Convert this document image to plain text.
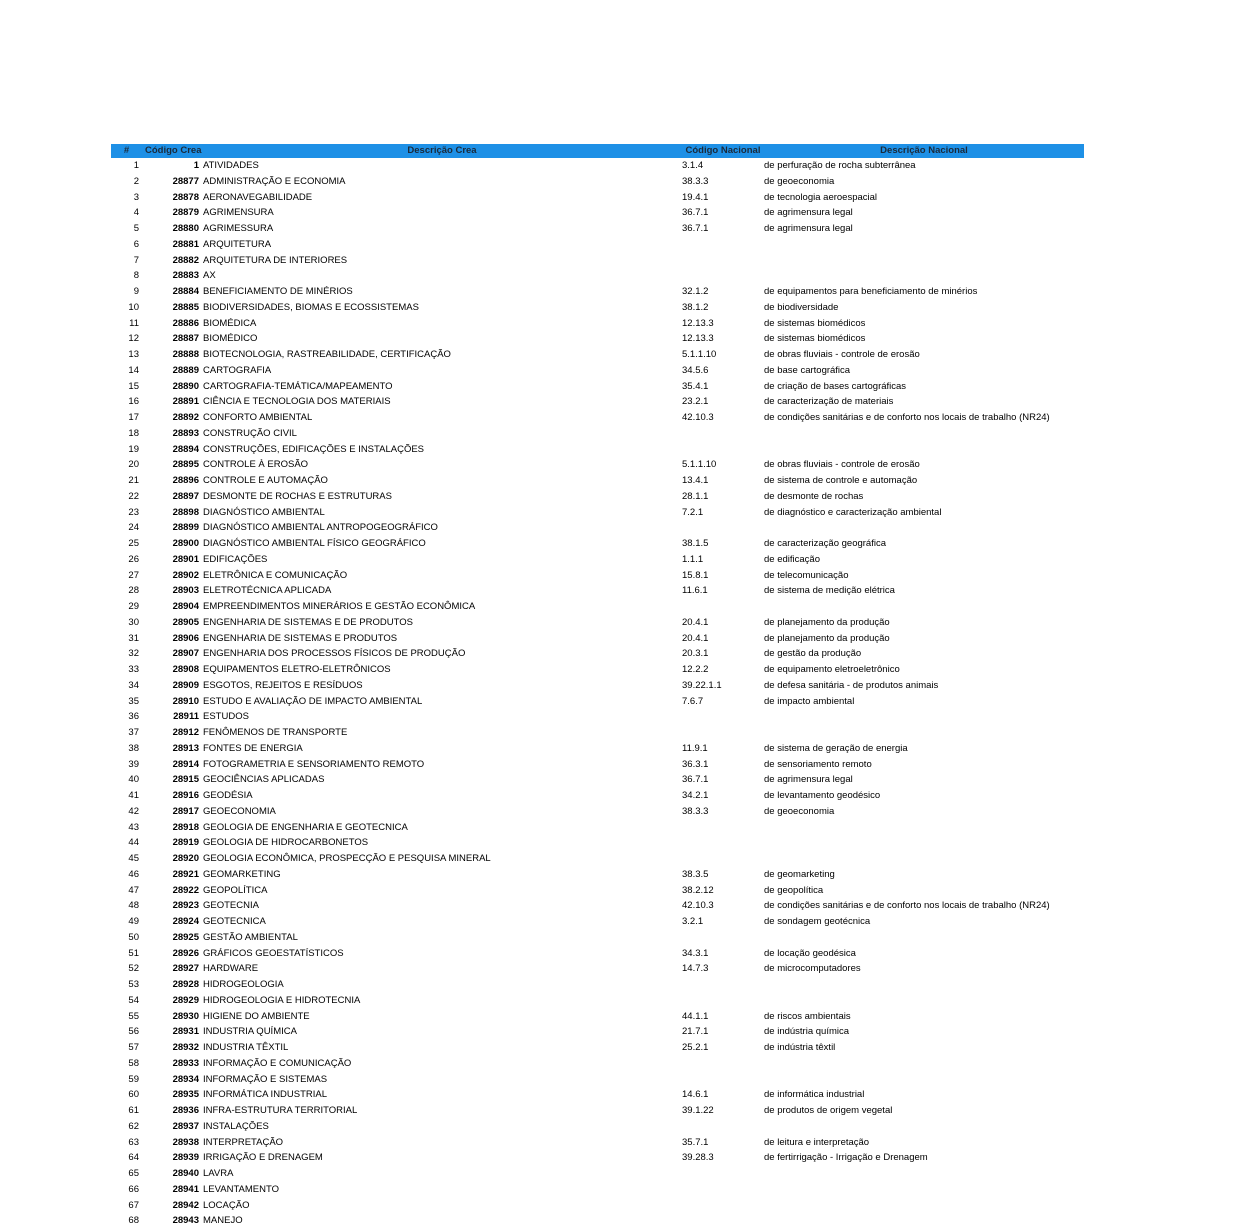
#	Código Crea	Descrição Crea	Código Nacional	Descrição Nacional
1	1	ATIVIDADES	3.1.4	de perfuração de rocha subterrânea
2	28877	ADMINISTRAÇÃO E ECONOMIA	38.3.3	de geoeconomia
3	28878	AERONAVEGABILIDADE	19.4.1	de tecnologia aeroespacial
4	28879	AGRIMENSURA	36.7.1	de agrimensura legal
5	28880	AGRIMESSURA	36.7.1	de agrimensura legal
6	28881	ARQUITETURA		
7	28882	ARQUITETURA DE INTERIORES		
8	28883	AX		
9	28884	BENEFICIAMENTO DE MINÉRIOS	32.1.2	de equipamentos para beneficiamento de minérios
10	28885	BIODIVERSIDADES, BIOMAS E ECOSSISTEMAS	38.1.2	de biodiversidade
11	28886	BIOMÉDICA	12.13.3	de sistemas biomédicos
12	28887	BIOMÉDICO	12.13.3	de sistemas biomédicos
13	28888	BIOTECNOLOGIA, RASTREABILIDADE, CERTIFICAÇÃO	5.1.1.10	de obras fluviais - controle de erosão
14	28889	CARTOGRAFIA	34.5.6	de base cartográfica
15	28890	CARTOGRAFIA-TEMÁTICA/MAPEAMENTO	35.4.1	de criação de bases cartográficas
16	28891	CIÊNCIA E TECNOLOGIA DOS MATERIAIS	23.2.1	de caracterização de materiais
17	28892	CONFORTO AMBIENTAL	42.10.3	de condições sanitárias e de conforto nos locais de trabalho (NR24)
18	28893	CONSTRUÇÃO CIVIL		
19	28894	CONSTRUÇÕES, EDIFICAÇÕES E INSTALAÇÕES		
20	28895	CONTROLE À EROSÃO	5.1.1.10	de obras fluviais - controle de erosão
21	28896	CONTROLE E AUTOMAÇÃO	13.4.1	de sistema de controle e automação
22	28897	DESMONTE DE ROCHAS E ESTRUTURAS	28.1.1	de desmonte de rochas
23	28898	DIAGNÓSTICO AMBIENTAL	7.2.1	de diagnóstico e caracterização ambiental
24	28899	DIAGNÓSTICO AMBIENTAL ANTROPOGEOGRÁFICO		
25	28900	DIAGNÓSTICO AMBIENTAL FÍSICO GEOGRÁFICO	38.1.5	de caracterização geográfica
26	28901	EDIFICAÇÕES	1.1.1	de edificação
27	28902	ELETRÔNICA E COMUNICAÇÃO	15.8.1	de telecomunicação
28	28903	ELETROTÉCNICA APLICADA	11.6.1	de sistema de medição elétrica
29	28904	EMPREENDIMENTOS MINERÁRIOS E GESTÃO ECONÔMICA		
30	28905	ENGENHARIA DE SISTEMAS E DE PRODUTOS	20.4.1	de planejamento da produção
31	28906	ENGENHARIA DE SISTEMAS E PRODUTOS	20.4.1	de planejamento da produção
32	28907	ENGENHARIA DOS PROCESSOS FÍSICOS DE PRODUÇÃO	20.3.1	de gestão da produção
33	28908	EQUIPAMENTOS ELETRO-ELETRÔNICOS	12.2.2	de equipamento eletroeletrônico
34	28909	ESGOTOS, REJEITOS E RESÍDUOS	39.22.1.1	de defesa sanitária - de produtos animais
35	28910	ESTUDO E AVALIAÇÃO DE IMPACTO AMBIENTAL	7.6.7	de impacto ambiental
36	28911	ESTUDOS		
37	28912	FENÔMENOS DE TRANSPORTE		
38	28913	FONTES DE ENERGIA	11.9.1	de sistema de geração de energia
39	28914	FOTOGRAMETRIA E SENSORIAMENTO REMOTO	36.3.1	de sensoriamento remoto
40	28915	GEOCIÊNCIAS APLICADAS	36.7.1	de agrimensura legal
41	28916	GEODÉSIA	34.2.1	de levantamento geodésico
42	28917	GEOECONOMIA	38.3.3	de geoeconomia
43	28918	GEOLOGIA DE ENGENHARIA E GEOTECNICA		
44	28919	GEOLOGIA DE HIDROCARBONETOS		
45	28920	GEOLOGIA ECONÔMICA, PROSPECÇÃO E PESQUISA MINERAL		
46	28921	GEOMARKETING	38.3.5	de geomarketing
47	28922	GEOPOLÍTICA	38.2.12	de geopolítica
48	28923	GEOTECNIA	42.10.3	de condições sanitárias e de conforto nos locais de trabalho (NR24)
49	28924	GEOTECNICA	3.2.1	de sondagem geotécnica
50	28925	GESTÃO AMBIENTAL		
51	28926	GRÁFICOS GEOESTATÍSTICOS	34.3.1	de locação geodésica
52	28927	HARDWARE	14.7.3	de microcomputadores
53	28928	HIDROGEOLOGIA		
54	28929	HIDROGEOLOGIA E HIDROTECNIA		
55	28930	HIGIENE DO AMBIENTE	44.1.1	de riscos ambientais
56	28931	INDUSTRIA QUÍMICA	21.7.1	de indústria química
57	28932	INDUSTRIA TÊXTIL	25.2.1	de indústria têxtil
58	28933	INFORMAÇÃO E COMUNICAÇÃO		
59	28934	INFORMAÇÃO E SISTEMAS		
60	28935	INFORMÁTICA INDUSTRIAL	14.6.1	de informática industrial
61	28936	INFRA-ESTRUTURA TERRITORIAL	39.1.22	de produtos de origem vegetal
62	28937	INSTALAÇÕES		
63	28938	INTERPRETAÇÃO	35.7.1	de leitura e interpretação
64	28939	IRRIGAÇÃO E DRENAGEM	39.28.3	de fertirrigação - Irrigação e Drenagem
65	28940	LAVRA		
66	28941	LEVANTAMENTO		
67	28942	LOCAÇÃO		
68	28943	MANEJO		
